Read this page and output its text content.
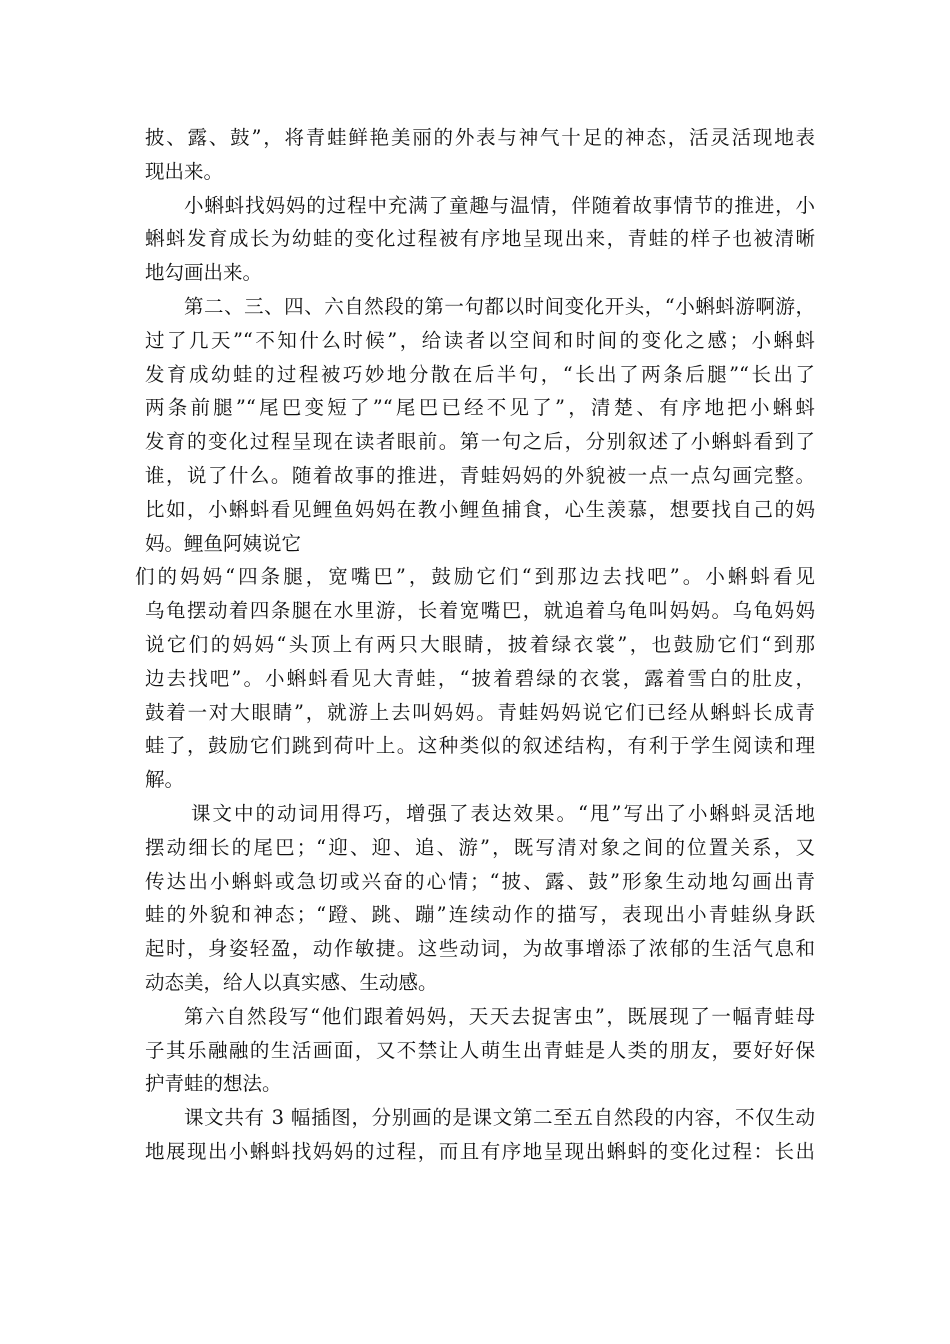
披、露、鼓”，将青蛙鲜艳美丽的外表与神气十足的神态，活灵活现地表
现出来。
小蝌蚪找妈妈的过程中充满了童趣与温情，伴随着故事情节的推进，小
蝌蚪发育成长为幼蛙的变化过程被有序地呈现出来，青蛙的样子也被清晰
地勾画出来。
第二、三、四、六自然段的第一句都以时间变化开头，“小蝌蚪游啊游，
过了几天”“不知什么时候”，给读者以空间和时间的变化之感；小蝌蚪
发育成幼蛙的过程被巧妙地分散在后半句，“长出了两条后腿”“长出了
两条前腿”“尾巴变短了”“尾巴已经不见了”，清楚、有序地把小蝌蚪
发育的变化过程呈现在读者眼前。第一句之后，分别叙述了小蝌蚪看到了
谁，说了什么。随着故事的推进，青蛙妈妈的外貌被一点一点勾画完整。
比如，小蝌蚪看见鲤鱼妈妈在教小鲤鱼捕食，心生羡慕，想要找自己的妈
妈。鲤鱼阿姨说它
们的妈妈“四条腿，宽嘴巴”，鼓励它们“到那边去找吧”。小蝌蚪看见
乌龟摆动着四条腿在水里游，长着宽嘴巴，就追着乌龟叫妈妈。乌龟妈妈
说它们的妈妈“头顶上有两只大眼睛，披着绿衣裳”，也鼓励它们“到那
边去找吧”。小蝌蚪看见大青蛙，“披着碧绿的衣裳，露着雪白的肚皮，
鼓着一对大眼睛”，就游上去叫妈妈。青蛙妈妈说它们已经从蝌蚪长成青
蛙了，鼓励它们跳到荷叶上。这种类似的叙述结构，有利于学生阅读和理
解。
课文中的动词用得巧，增强了表达效果。“甩”写出了小蝌蚪灵活地
摆动细长的尾巴；“迎、迎、追、游”，既写清对象之间的位置关系，又
传达出小蝌蚪或急切或兴奋的心情；“披、露、鼓”形象生动地勾画出青
蛙的外貌和神态；“蹬、跳、蹦”连续动作的描写，表现出小青蛙纵身跃
起时，身姿轻盈，动作敏捷。这些动词，为故事增添了浓郁的生活气息和
动态美，给人以真实感、生动感。
第六自然段写“他们跟着妈妈，天天去捉害虫”，既展现了一幅青蛙母
子其乐融融的生活画面，又不禁让人萌生出青蛙是人类的朋友，要好好保
护青蛙的想法。
课文共有 3 幅插图，分别画的是课文第二至五自然段的内容，不仅生动
地展现出小蝌蚪找妈妈的过程，而且有序地呈现出蝌蚪的变化过程：长出
